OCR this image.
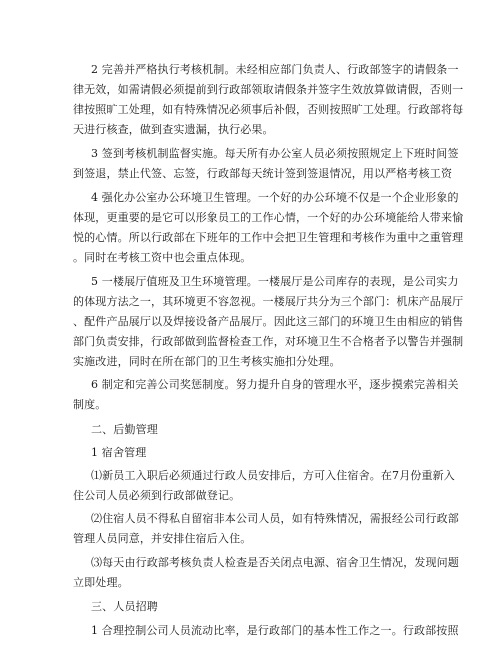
2 完善并严格执行考核机制。未经相应部门负责人、行政部签字的请假条一
律无效，如需请假必须提前到行政部领取请假条并签字生效放算做请假，否则一
律按照旷工处理，如有特殊情况必须事后补假，否则按照旷工处理。行政部将每
天进行核查，做到查实遗漏，执行必果。
3 签到考核机制监督实施。每天所有办公室人员必须按照规定上下班时间签
到签退，禁止代签、忘签，行政部每天统计签到签退情况，用以严格考核工资
4 强化办公室办公环境卫生管理。一个好的办公环境不仅是一个企业形象的
体现，更重要的是它可以形象员工的工作心情，一个好的办公环境能给人带来愉
悦的心情。所以行政部在下班年的工作中会把卫生管理和考核作为重中之重管理
。同时在考核工资中也会重点体现。
5 一楼展厅值班及卫生环境管理。一楼展厅是公司库存的表现，是公司实力
的体现方法之一，其环境更不容忽视。一楼展厅共分为三个部门：机床产品展厅
、配件产品展厅以及焊接设备产品展厅。因此这三部门的环境卫生由相应的销售
部门负责安排，行政部做到监督检查工作，对环境卫生不合格者予以警告并强制
实施改进，同时在所在部门的卫生考核实施扣分处理。
6 制定和完善公司奖惩制度。努力提升自身的管理水平，逐步摸索完善相关
制度。
二、后勤管理
1 宿舍管理
⑴新员工入职后必须通过行政人员安排后，方可入住宿舍。在7月份重新入
住公司人员必须到行政部做登记。
⑵住宿人员不得私自留宿非本公司人员，如有特殊情况，需报经公司行政部
管理人员同意，并安排住宿后入住。
⑶每天由行政部考核负责人检查是否关闭点电源、宿舍卫生情况，发现问题
立即处理。
三、人员招聘
1 合理控制公司人员流动比率，是行政部门的基本性工作之一。行政部按照
